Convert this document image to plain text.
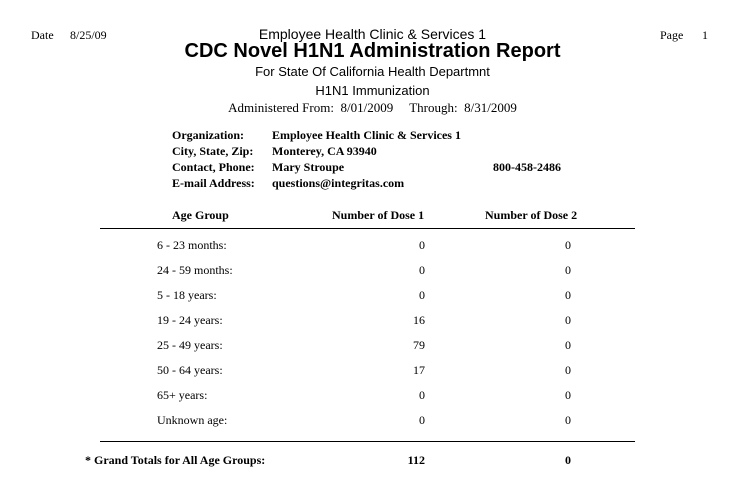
Date 8/25/09	Page 1
Employee Health Clinic & Services 1
CDC Novel H1N1 Administration Report
For State Of California Health Departmnt
H1N1 Immunization
Administered From:  8/01/2009     Through:  8/31/2009
Organization: Employee Health Clinic & Services 1
City, State, Zip: Monterey, CA 93940
Contact, Phone: Mary Stroupe	800-458-2486
E-mail Address: questions@integritas.com
Age Group	Number of Dose 1	Number of Dose 2
6 - 23 months:	0	0
24 - 59 months:	0	0
5 - 18 years:	0	0
19 - 24 years:	16	0
25 - 49 years:	79	0
50 - 64 years:	17	0
65+ years:	0	0
Unknown age:	0	0
* Grand Totals for All Age Groups:	112	0
